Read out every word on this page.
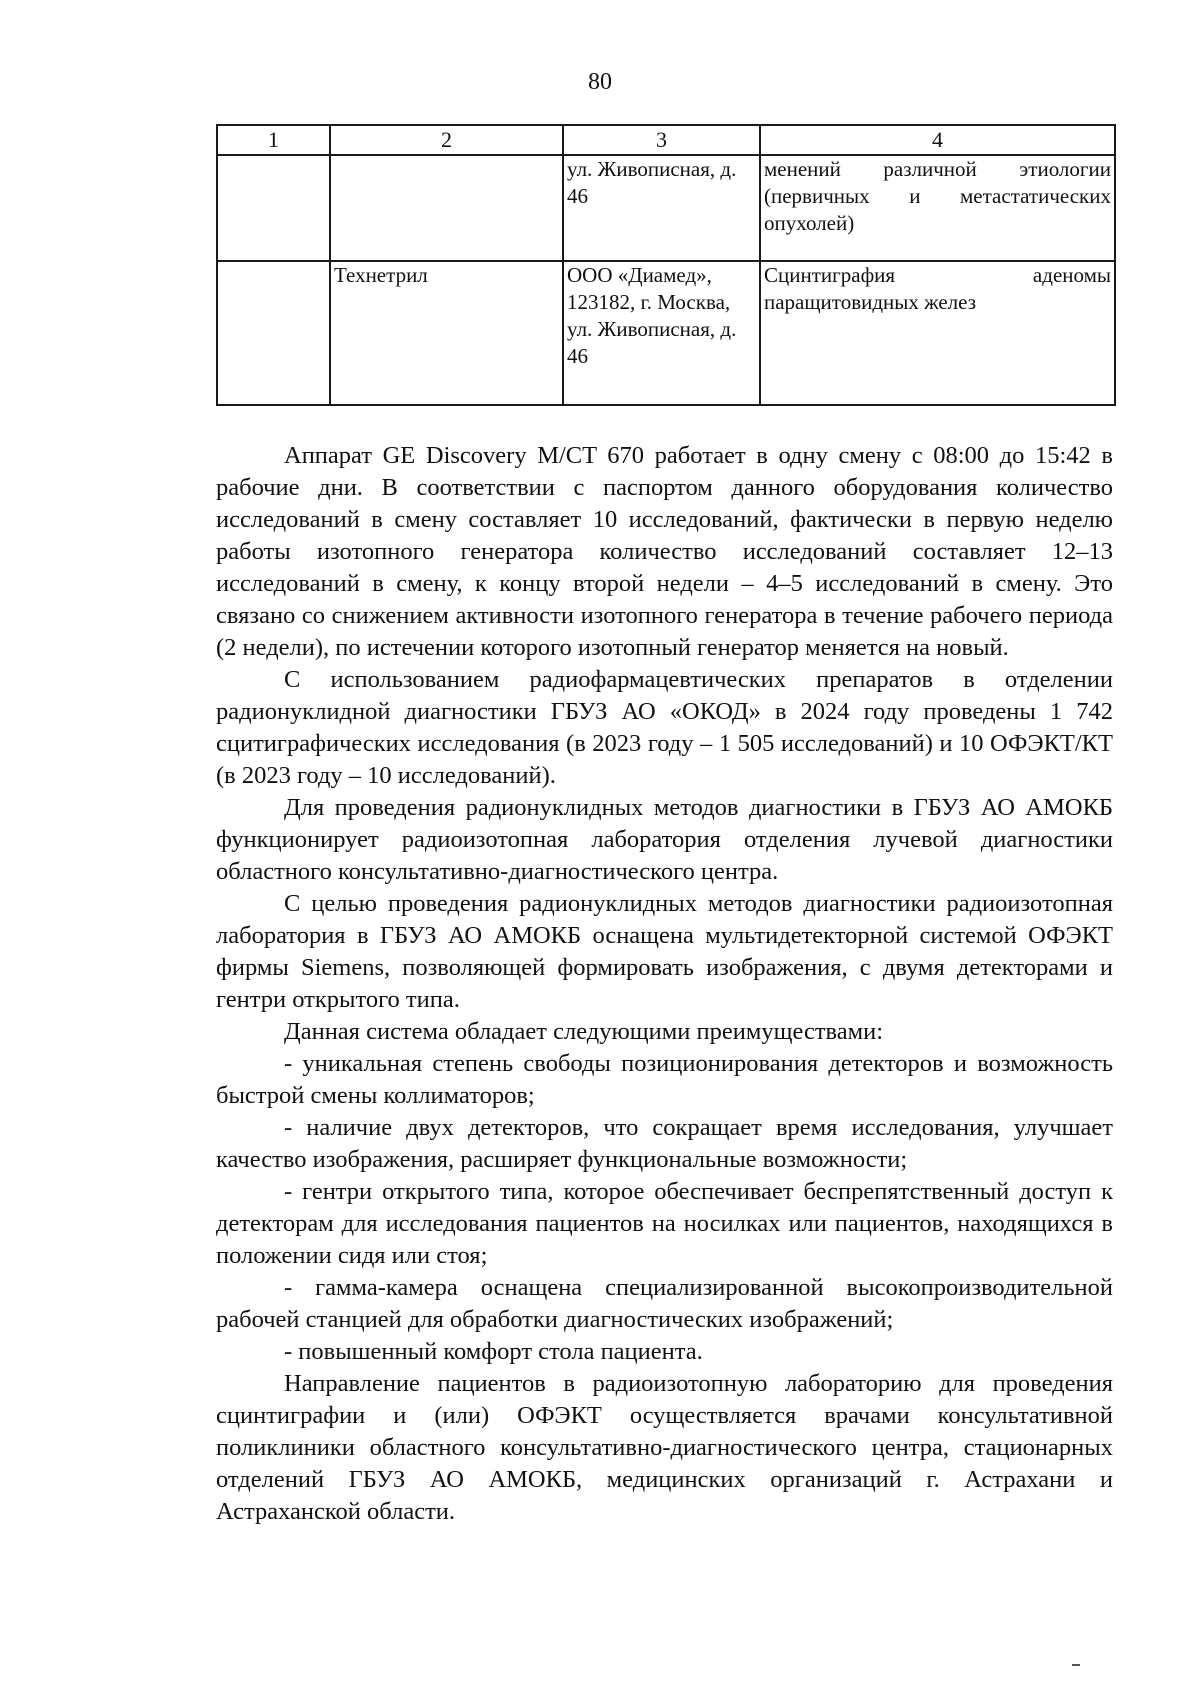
80
1	2	3	4
		ул. Живописная, д. 46	менений различной этиологии (первичных и метастатических опухолей)
	Технетрил	ООО «Диамед», 123182, г. Москва, ул. Живописная, д. 46	Сцинтиграфия аденомы паращитовидных желез

Аппарат GE Discovery M/CT 670 работает в одну смену с 08:00 до 15:42 в рабочие дни. В соответствии с паспортом данного оборудования количество исследований в смену составляет 10 исследований, фактически в первую неделю работы изотопного генератора количество исследований составляет 12–13 исследований в смену, к концу второй недели – 4–5 исследований в смену. Это связано со снижением активности изотопного генератора в течение рабочего периода (2 недели), по истечении которого изотопный генератор меняется на новый.

С использованием радиофармацевтических препаратов в отделении радионуклидной диагностики ГБУЗ АО «ОКОД» в 2024 году проведены 1 742 сцитиграфических исследования (в 2023 году – 1 505 исследований) и 10 ОФЭКТ/КТ (в 2023 году – 10 исследований).

Для проведения радионуклидных методов диагностики в ГБУЗ АО АМОКБ функционирует радиоизотопная лаборатория отделения лучевой диагностики областного консультативно-диагностического центра.

С целью проведения радионуклидных методов диагностики радиоизотопная лаборатория в ГБУЗ АО АМОКБ оснащена мультидетекторной системой ОФЭКТ фирмы Siemens, позволяющей формировать изображения, с двумя детекторами и гентри открытого типа.

Данная система обладает следующими преимуществами:

- уникальная степень свободы позиционирования детекторов и возможность быстрой смены коллиматоров;

- наличие двух детекторов, что сокращает время исследования, улучшает качество изображения, расширяет функциональные возможности;

- гентри открытого типа, которое обеспечивает беспрепятственный доступ к детекторам для исследования пациентов на носилках или пациентов, находящихся в положении сидя или стоя;

- гамма-камера оснащена специализированной высокопроизводительной рабочей станцией для обработки диагностических изображений;

- повышенный комфорт стола пациента.

Направление пациентов в радиоизотопную лабораторию для проведения сцинтиграфии и (или) ОФЭКТ осуществляется врачами консультативной поликлиники областного консультативно-диагностического центра, стационарных отделений ГБУЗ АО АМОКБ, медицинских организаций г. Астрахани и Астраханской области.
